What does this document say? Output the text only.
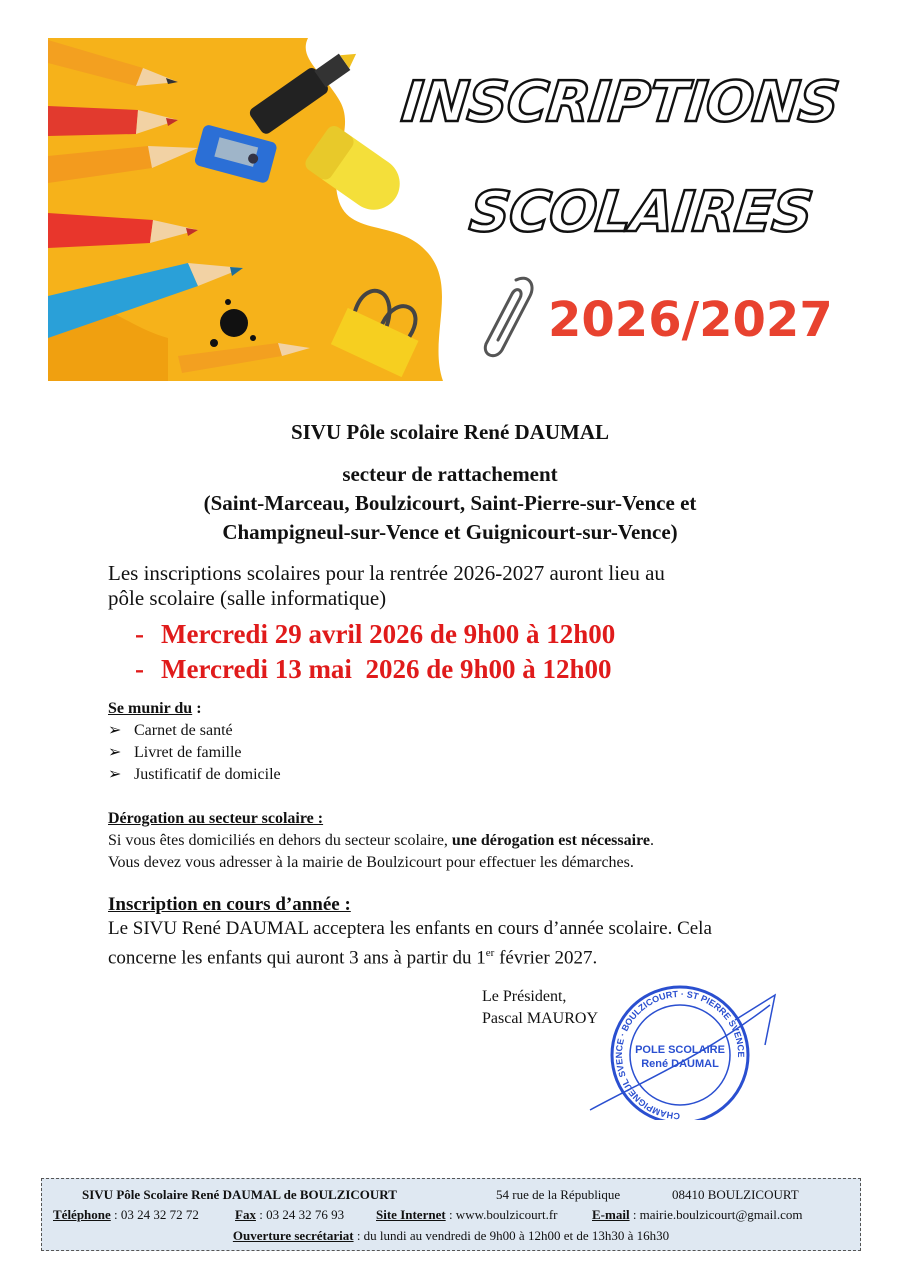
INSCRIPTIONS
SCOLAIRES
2026/2027
SIVU Pôle scolaire René DAUMAL
secteur de rattachement
(Saint-Marceau, Boulzicourt, Saint-Pierre-sur-Vence et
Champigneul-sur-Vence et Guignicourt-sur-Vence)
Les inscriptions scolaires pour la rentrée 2026-2027 auront lieu au
pôle scolaire (salle informatique)
- Mercredi 29 avril 2026 de 9h00 à 12h00
- Mercredi 13 mai  2026 de 9h00 à 12h00
Se munir du :
➢ Carnet de santé
➢ Livret de famille
➢ Justificatif de domicile
Dérogation au secteur scolaire :
Si vous êtes domiciliés en dehors du secteur scolaire, une dérogation est nécessaire.
Vous devez vous adresser à la mairie de Boulzicourt pour effectuer les démarches.
Inscription en cours d’année :
Le SIVU René DAUMAL acceptera les enfants en cours d’année scolaire. Cela
concerne les enfants qui auront 3 ans à partir du 1er février 2027.
Le Président,
Pascal MAUROY
CHAMPIGNEUL SVENCE · BOULZICOURT · ST PIERRE SVENCE
POLE SCOLAIRE
René DAUMAL
SIVU Pôle Scolaire René DAUMAL de BOULZICOURT	54 rue de la République	08410 BOULZICOURT
Téléphone : 03 24 32 72 72	Fax : 03 24 32 76 93 Site Internet : www.boulzicourt.fr	E-mail : mairie.boulzicourt@gmail.com
Ouverture secrétariat : du lundi au vendredi de 9h00 à 12h00 et de 13h30 à 16h30
